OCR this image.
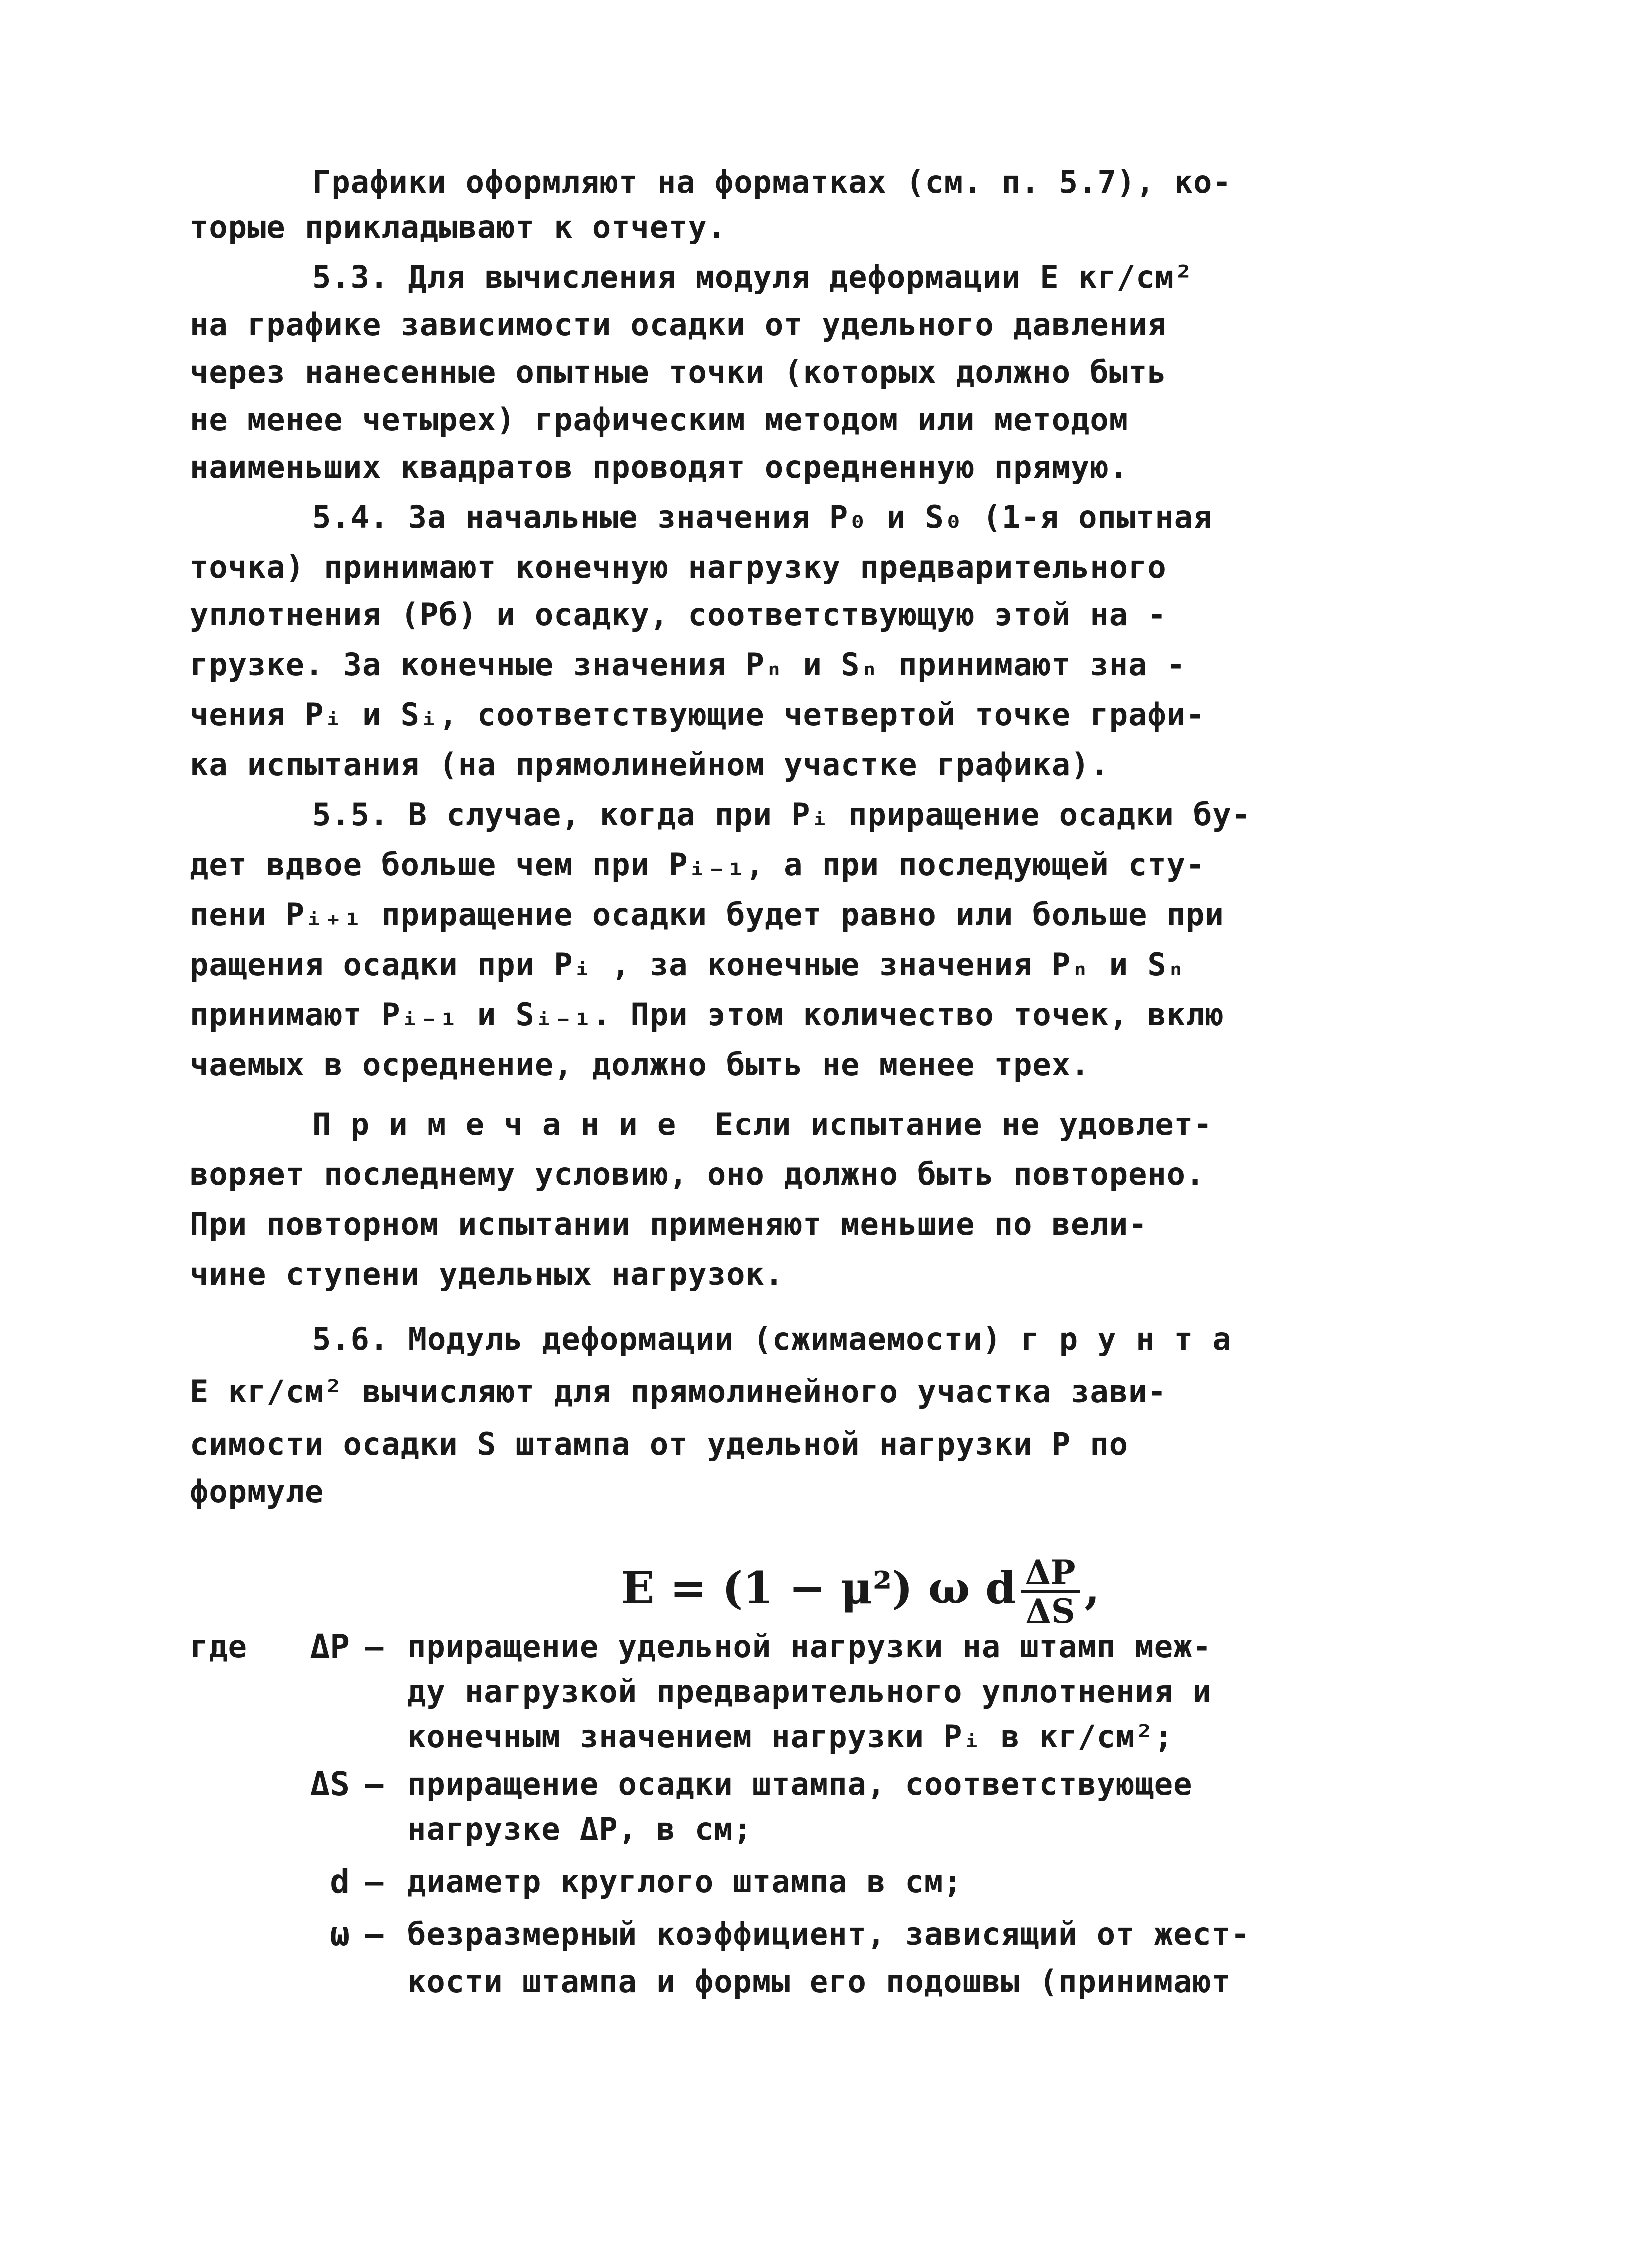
Графики оформляют на форматках (см. п. 5.7), ко-
торые прикладывают к отчету.
5.3. Для вычисления модуля деформации E кг/см²
на графике зависимости осадки от удельного давления
через нанесенные опытные точки (которых должно быть
не менее четырех) графическим методом или методом
наименьших квадратов проводят осредненную прямую.
5.4. За начальные значения P₀ и S₀ (1-я опытная
точка) принимают конечную нагрузку предварительного
уплотнения (Рб) и осадку, соответствующую этой на -
грузке. За конечные значения Pₙ и Sₙ принимают зна -
чения Pᵢ и Sᵢ, соответствующие четвертой точке графи-
ка испытания (на прямолинейном участке графика).
5.5. В случае, когда при Pᵢ приращение осадки бу-
дет вдвое больше чем при Pᵢ₋₁, а при последующей сту-
пени Pᵢ₊₁ приращение осадки будет равно или больше при
ращения осадки при Pᵢ , за конечные значения Pₙ и Sₙ
принимают Pᵢ₋₁ и Sᵢ₋₁. При этом количество точек, вклю
чаемых в осреднение, должно быть не менее трех.
П р и м е ч а н и е  Если испытание не удовлет-
воряет последнему условию, оно должно быть повторено.
При повторном испытании применяют меньшие по вели-
чине ступени удельных нагрузок.
5.6. Модуль деформации (сжимаемости) г р у н т а
E кг/см² вычисляют для прямолинейного участка зави-
симости осадки S штампа от удельной нагрузки P по
формуле

E = (1 − μ²) ω d $\frac{\Delta P}{\Delta S}$ ,

где	ΔP – приращение удельной нагрузки на штамп меж-
ду нагрузкой предварительного уплотнения и
конечным значением нагрузки Pᵢ в кг/см²;
ΔS – приращение осадки штампа, соответствующее
нагрузке ΔP, в см;
d – диаметр круглого штампа в см;
ω – безразмерный коэффициент, зависящий от жест-
кости штампа и формы его подошвы (принимают
